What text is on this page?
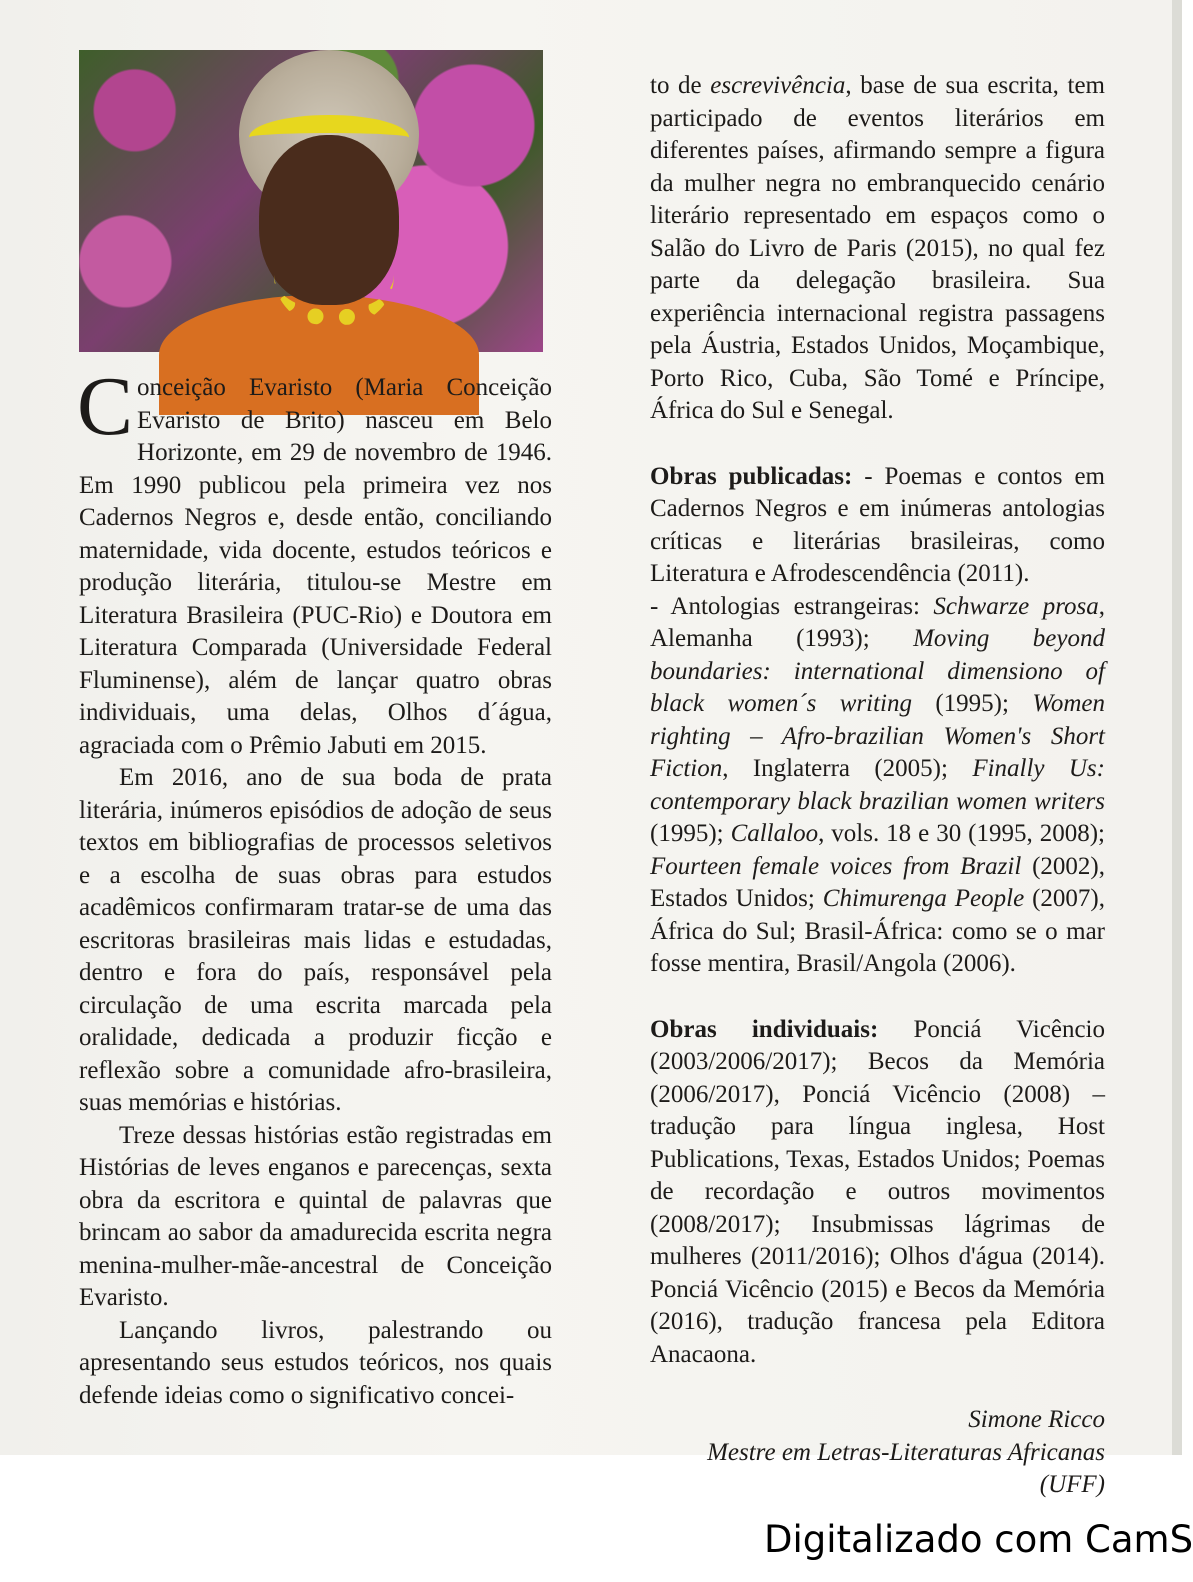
Conceição Evaristo (Maria Conceição Evaristo de Brito) nasceu em Belo Horizonte, em 29 de novembro de 1946. Em 1990 publicou pela primeira vez nos Cadernos Negros e, desde então, conciliando maternidade, vida docente, estudos teóricos e produção literária, titulou-se Mestre em Literatura Brasileira (PUC-Rio) e Doutora em Literatura Comparada (Universidade Federal Fluminense), além de lançar quatro obras individuais, uma delas, Olhos d´água, agraciada com o Prêmio Jabuti em 2015.

Em 2016, ano de sua boda de prata literária, inúmeros episódios de adoção de seus textos em bibliografias de processos seletivos e a escolha de suas obras para estudos acadêmicos confirmaram tratar-se de uma das escritoras brasileiras mais lidas e estudadas, dentro e fora do país, responsável pela circulação de uma escrita marcada pela oralidade, dedicada a produzir ficção e reflexão sobre a comunidade afro-brasileira, suas memórias e histórias.

Treze dessas histórias estão registradas em Histórias de leves enganos e parecenças, sexta obra da escritora e quintal de palavras que brincam ao sabor da amadurecida escrita negra menina-mulher-mãe-ancestral de Conceição Evaristo.

Lançando livros, palestrando ou apresentando seus estudos teóricos, nos quais defende ideias como o significativo concei-

to de escrevivência, base de sua escrita, tem participado de eventos literários em diferentes países, afirmando sempre a figura da mulher negra no embranquecido cenário literário representado em espaços como o Salão do Livro de Paris (2015), no qual fez parte da delegação brasileira. Sua experiência internacional registra passagens pela Áustria, Estados Unidos, Moçambique, Porto Rico, Cuba, São Tomé e Príncipe, África do Sul e Senegal.

Obras publicadas: - Poemas e contos em Cadernos Negros e em inúmeras antologias críticas e literárias brasileiras, como Literatura e Afrodescendência (2011).

- Antologias estrangeiras: Schwarze prosa, Alemanha (1993); Moving beyond boundaries: international dimensiono of black women´s writing (1995); Women righting – Afro-brazilian Women's Short Fiction, Inglaterra (2005); Finally Us: contemporary black brazilian women writers (1995); Callaloo, vols. 18 e 30 (1995, 2008); Fourteen female voices from Brazil (2002), Estados Unidos; Chimurenga People (2007), África do Sul; Brasil-África: como se o mar fosse mentira, Brasil/Angola (2006).

Obras individuais: Ponciá Vicêncio (2003/2006/2017); Becos da Memória (2006/2017), Ponciá Vicêncio (2008) – tradução para língua inglesa, Host Publications, Texas, Estados Unidos; Poemas de recordação e outros movimentos (2008/2017); Insubmissas lágrimas de mulheres (2011/2016); Olhos d'água (2014). Ponciá Vicêncio (2015) e Becos da Memória (2016), tradução francesa pela Editora Anacaona.

Simone Ricco

Mestre em Letras-Literaturas Africanas (UFF)

Digitalizado com CamS
